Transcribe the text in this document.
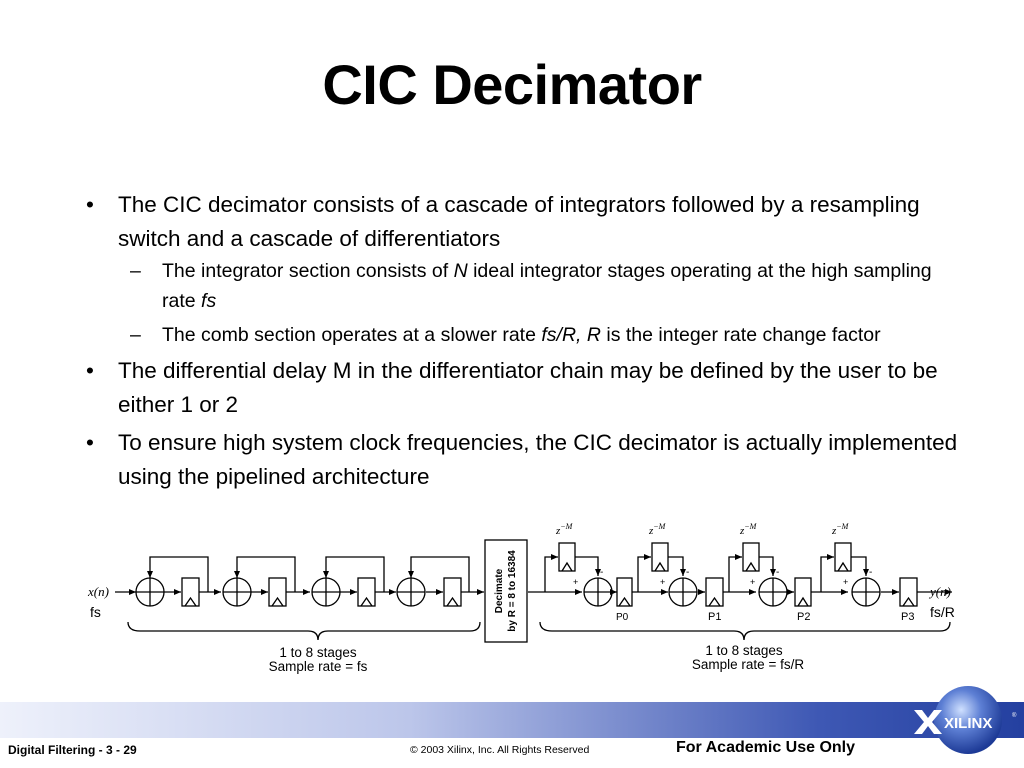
CIC Decimator
• The CIC decimator consists of a cascade of integrators followed by a resampling switch and a cascade of differentiators
– The integrator section consists of N ideal integrator stages operating at the high sampling rate fs
– The comb section operates at a slower rate fs/R, R is the integer rate change factor
• The differential delay M in the differentiator chain may be defined by the user to be either 1 or 2
• To ensure high system clock frequencies, the CIC decimator is actually implemented using the pipelined architecture
x(n)
fs
y(n)
fs/R
Decimate by R = 8 to 16384
$z^{-M}$	$z^{-M}$	$z^{-M}$	$z^{-M}$
+
-
+
-
+
-
+
-
P0	P1	P2	P3
1 to 8 stages
Sample rate = fs
1 to 8 stages
Sample rate = fs/R
XILINX	®
Digital Filtering - 3 - 29	© 2003 Xilinx, Inc. All Rights Reserved	For Academic Use Only
